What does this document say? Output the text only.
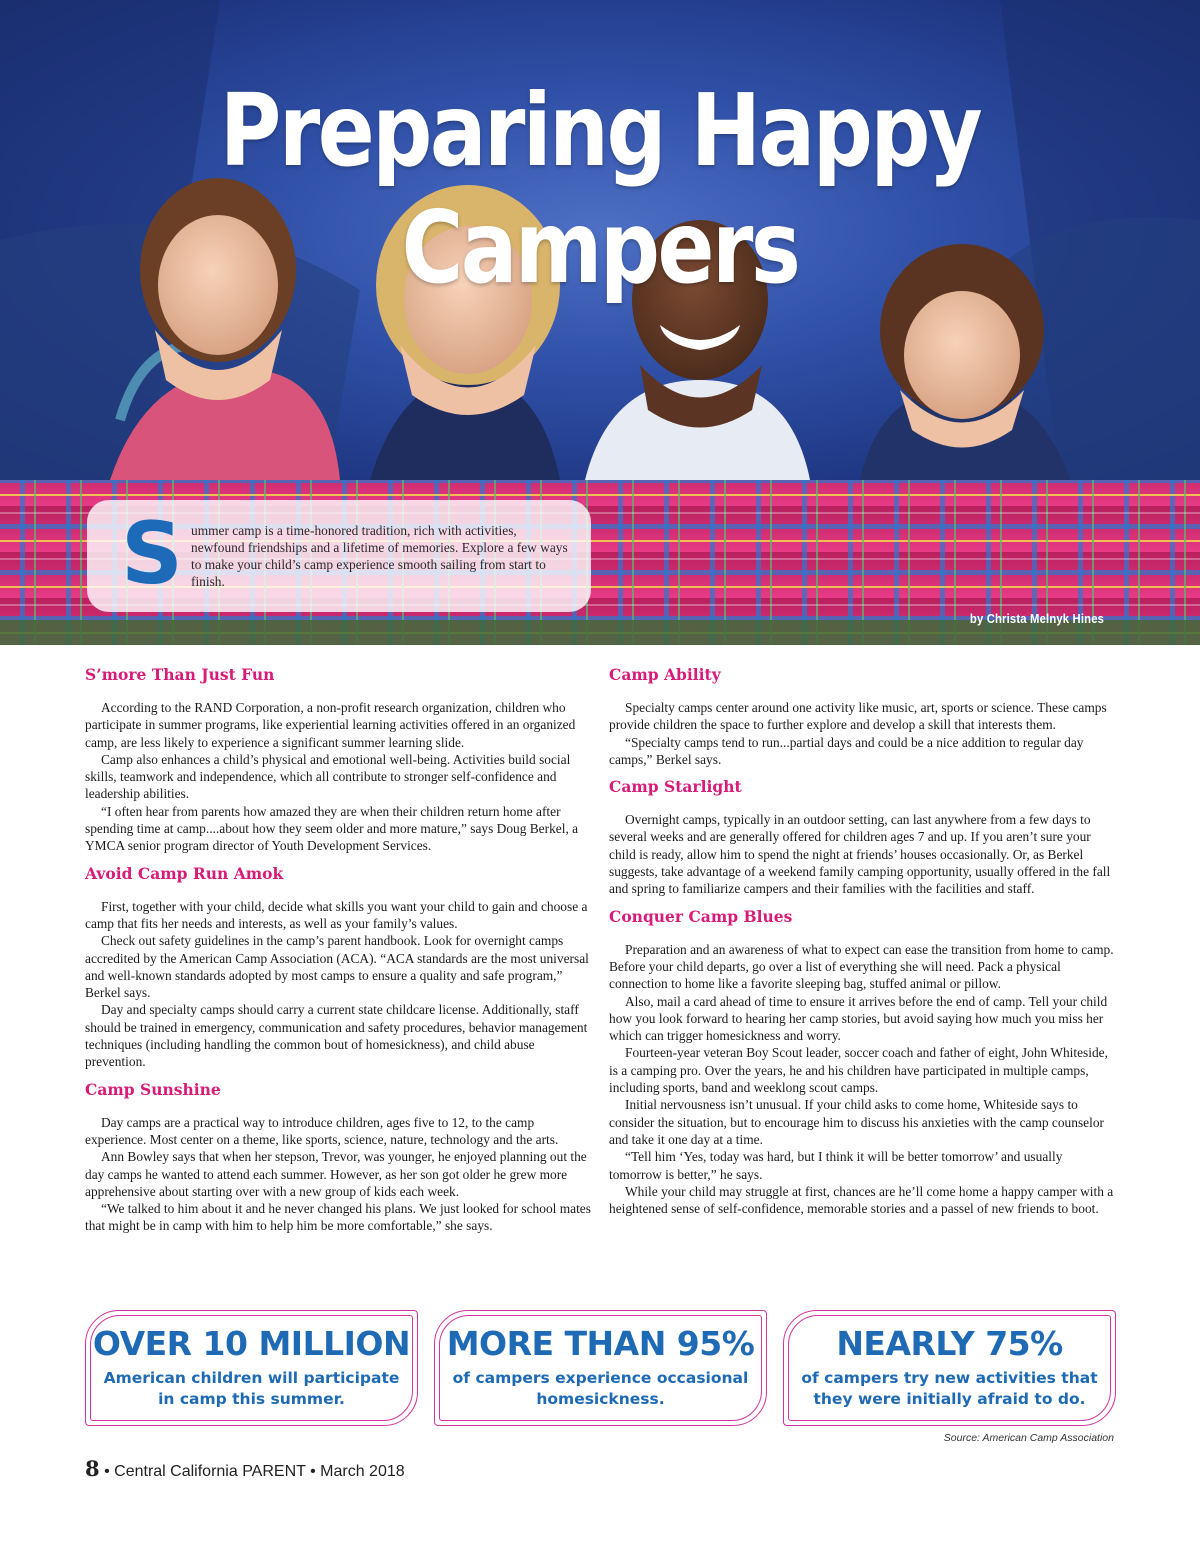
Preparing Happy Campers
S ummer camp is a time-honored tradition, rich with activities, newfound friendships and a lifetime of memories. Explore a few ways to make your child’s camp experience smooth sailing from start to finish.
by Christa Melnyk Hines
S’more Than Just Fun

According to the RAND Corporation, a non-profit research organization, children who participate in summer programs, like experiential learning activities offered in an organized camp, are less likely to experience a significant summer learning slide.

Camp also enhances a child’s physical and emotional well-being. Activities build social skills, teamwork and independence, which all contribute to stronger self-confidence and leadership abilities.

“I often hear from parents how amazed they are when their children return home after spending time at camp....about how they seem older and more mature,” says Doug Berkel, a YMCA senior program director of Youth Development Services.

Avoid Camp Run Amok

First, together with your child, decide what skills you want your child to gain and choose a camp that fits her needs and interests, as well as your family’s values.

Check out safety guidelines in the camp’s parent handbook. Look for overnight camps accredited by the American Camp Association (ACA). “ACA standards are the most universal and well-known standards adopted by most camps to ensure a quality and safe program,” Berkel says.

Day and specialty camps should carry a current state childcare license. Additionally, staff should be trained in emergency, communication and safety procedures, behavior management techniques (including handling the common bout of homesickness), and child abuse prevention.

Camp Sunshine

Day camps are a practical way to introduce children, ages five to 12, to the camp experience. Most center on a theme, like sports, science, nature, technology and the arts.

Ann Bowley says that when her stepson, Trevor, was younger, he enjoyed planning out the day camps he wanted to attend each summer. However, as her son got older he grew more apprehensive about starting over with a new group of kids each week.

“We talked to him about it and he never changed his plans. We just looked for school mates that might be in camp with him to help him be more comfortable,” she says.

Camp Ability

Specialty camps center around one activity like music, art, sports or science. These camps provide children the space to further explore and develop a skill that interests them.

“Specialty camps tend to run...partial days and could be a nice addition to regular day camps,” Berkel says.

Camp Starlight

Overnight camps, typically in an outdoor setting, can last anywhere from a few days to several weeks and are generally offered for children ages 7 and up. If you aren’t sure your child is ready, allow him to spend the night at friends’ houses occasionally. Or, as Berkel suggests, take advantage of a weekend family camping opportunity, usually offered in the fall and spring to familiarize campers and their families with the facilities and staff.

Conquer Camp Blues

Preparation and an awareness of what to expect can ease the transition from home to camp. Before your child departs, go over a list of everything she will need. Pack a physical connection to home like a favorite sleeping bag, stuffed animal or pillow.

Also, mail a card ahead of time to ensure it arrives before the end of camp. Tell your child how you look forward to hearing her camp stories, but avoid saying how much you miss her which can trigger homesickness and worry.

Fourteen-year veteran Boy Scout leader, soccer coach and father of eight, John Whiteside, is a camping pro. Over the years, he and his children have participated in multiple camps, including sports, band and weeklong scout camps.

Initial nervousness isn’t unusual. If your child asks to come home, Whiteside says to consider the situation, but to encourage him to discuss his anxieties with the camp counselor and take it one day at a time.

“Tell him ‘Yes, today was hard, but I think it will be better tomorrow’ and usually tomorrow is better,” he says.

While your child may struggle at first, chances are he’ll come home a happy camper with a heightened sense of self-confidence, memorable stories and a passel of new friends to boot.

OVER 10 MILLION
American children will participate
in camp this summer.
MORE THAN 95%
of campers experience occasional
homesickness.
NEARLY 75%
of campers try new activities that
they were initially afraid to do.
Source: American Camp Association
8 • Central California PARENT • March 2018
